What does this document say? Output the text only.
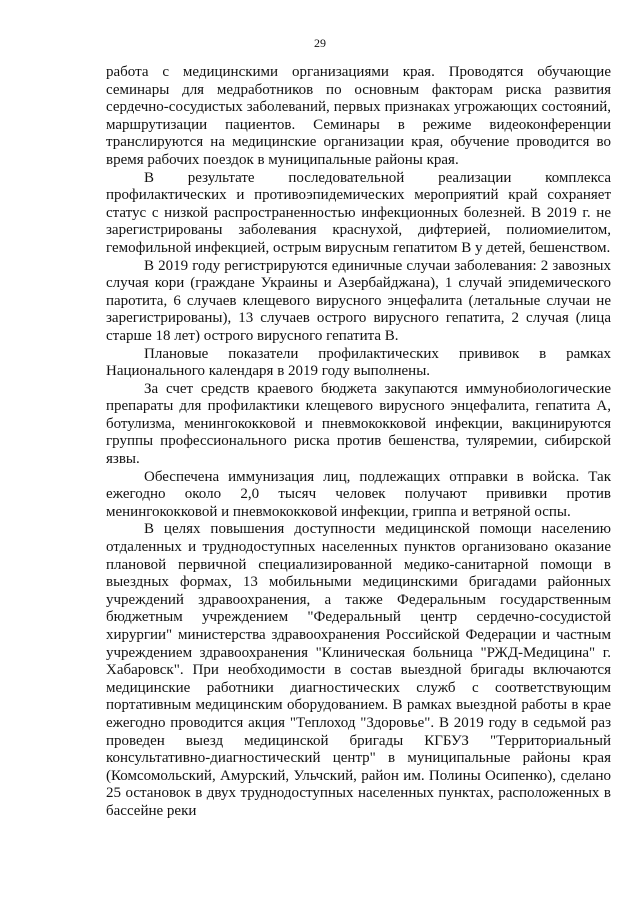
29

работа с медицинскими организациями края. Проводятся обучающие семинары для медработников по основным факторам риска развития сердечно-сосудистых заболеваний, первых признаках угрожающих состояний, маршрутизации пациентов. Семинары в режиме видеоконференции транслируются на медицинские организации края, обучение проводится во время рабочих поездок в муниципальные районы края.

В результате последовательной реализации комплекса профилактических и противоэпидемических мероприятий край сохраняет статус с низкой распространенностью инфекционных болезней. В 2019 г. не зарегистрированы заболевания краснухой, дифтерией, полиомиелитом, гемофильной инфекцией, острым вирусным гепатитом В у детей, бешенством.

В 2019 году регистрируются единичные случаи заболевания: 2 завозных случая кори (граждане Украины и Азербайджана), 1 случай эпидемического паротита, 6 случаев клещевого вирусного энцефалита (летальные случаи не зарегистрированы), 13 случаев острого вирусного гепатита, 2 случая (лица старше 18 лет) острого вирусного гепатита В.

Плановые показатели профилактических прививок в рамках Национального календаря в 2019 году выполнены.

За счет средств краевого бюджета закупаются иммунобиологические препараты для профилактики клещевого вирусного энцефалита, гепатита А, ботулизма, менингококковой и пневмококковой инфекции, вакцинируются группы профессионального риска против бешенства, туляремии, сибирской язвы.

Обеспечена иммунизация лиц, подлежащих отправки в войска. Так ежегодно около 2,0 тысяч человек получают прививки против менингококковой и пневмококковой инфекции, гриппа и ветряной оспы.

В целях повышения доступности медицинской помощи населению отдаленных и труднодоступных населенных пунктов организовано оказание плановой первичной специализированной медико-санитарной помощи в выездных формах, 13 мобильными медицинскими бригадами районных учреждений здравоохранения, а также Федеральным государственным бюджетным учреждением "Федеральный центр сердечно-сосудистой хирургии" министерства здравоохранения Российской Федерации и частным учреждением здравоохранения "Клиническая больница "РЖД-Медицина" г. Хабаровск". При необходимости в состав выездной бригады включаются медицинские работники диагностических служб с соответствующим портативным медицинским оборудованием. В рамках выездной работы в крае ежегодно проводится акция "Теплоход "Здоровье". В 2019 году в седьмой раз проведен выезд медицинской бригады КГБУЗ "Территориальный консультативно-диагностический центр" в муниципальные районы края (Комсомольский, Амурский, Ульчский, район им. Полины Осипенко), сделано 25 остановок в двух труднодоступных населенных пунктах, расположенных в бассейне реки
